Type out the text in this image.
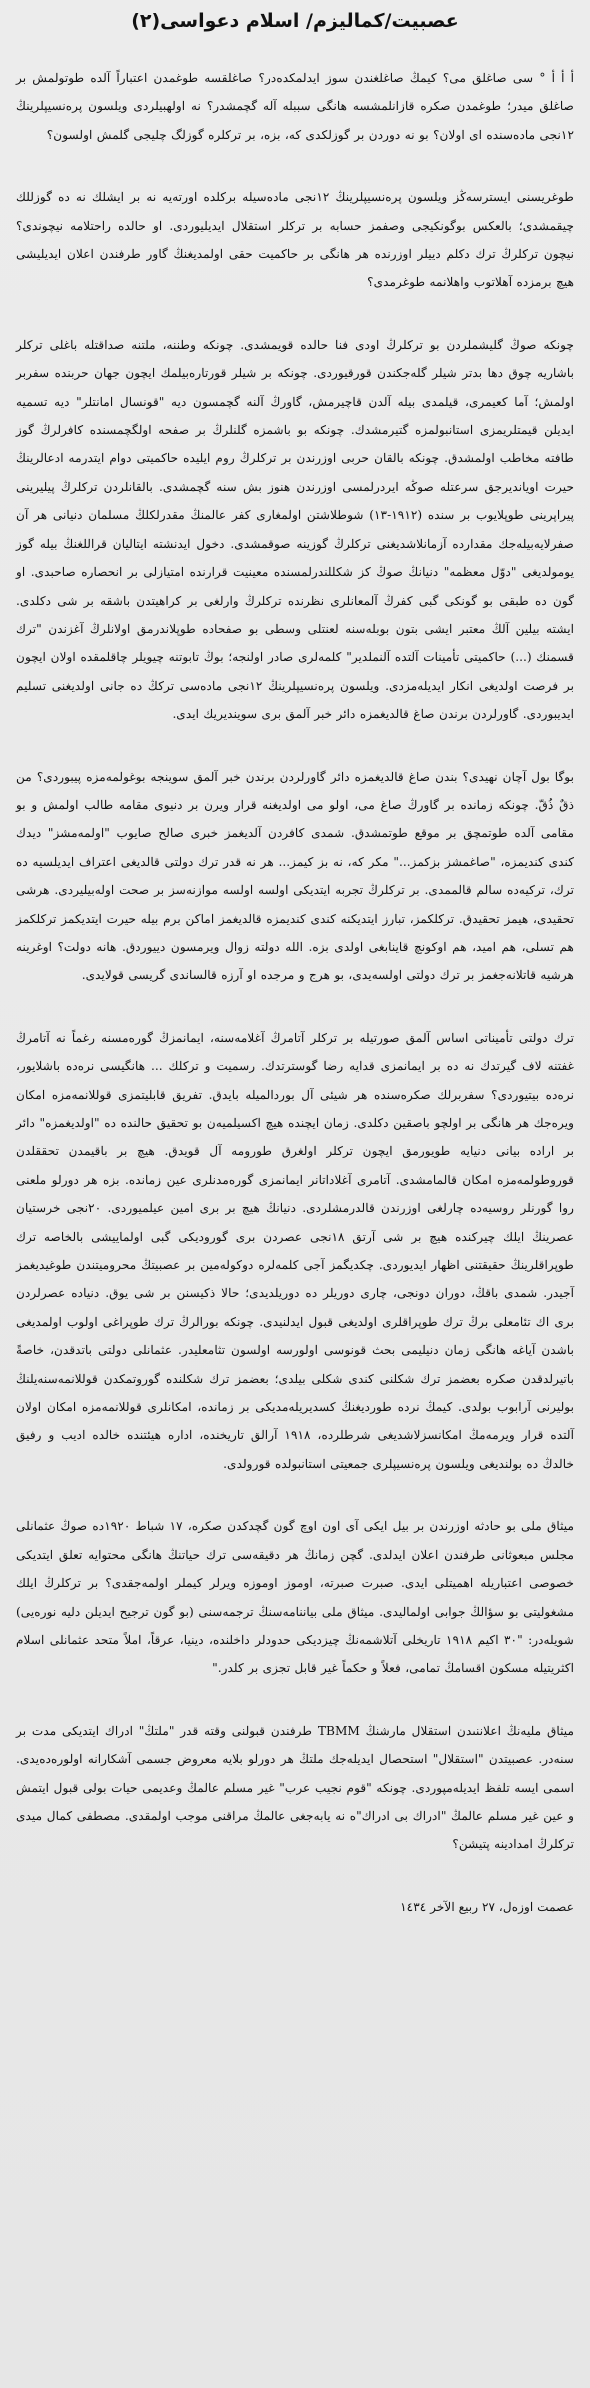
عصبيت/كماليزم/ اسلام دعواسى(٢)

أ أ أ ° سى صاغلق مى؟ كيمڭ صاغلغندن سوز ايدلمكده‌در؟ صاغلقسه طوغمدن اعتباراً آلده طوتولمش بر صاغلق ميدر؛ طوغمدن صكره قازانلمشسه هانگى سببله آله گچمشدر؟ نه اولهبيلردى ويلسون پرەنسيپلرينڭ ١٢نجى ماده‌سنده اى اولان؟ بو نه دوردن بر گوزلكدى كه، بزه، بر تركلره گوزلگ چليجى گلمش اولسون؟

طوغريسنى ايسترسه‌ڭز ويلسون پرەنسيپلرينڭ ١٢نجى ماده‌سيله بركلده اورتەيه نه بر ايشلك نه ده گوزللك چيقمشدى؛ بالعكس بوگونكيجى وصفمز حسابه بر تركلر استقلال ايديليوردى. او حالده راحتلامه نيچوندى؟ نيچون تركلرڭ ترك دكلم دييلر اوزرنده هر هانگى بر حاكميت حقى اولمديغنڭ گاور طرفندن اعلان ايديلیشى هيچ برمزده آهلاتوب واهلانمه طوغرمدى؟

چونكه صوڭ گليشملردن بو تركلرڭ اودى فنا حالده قويمشدى. چونكه وطننه، ملتنه صداقتله باغلى تركلر باشاريه چوق دها بدتر شيلر گلەجكندن قورقيوردى. چونكه بر شيلر قورتارەبيلمك ايچون جهان حربنده سفربر اولمش؛ آما كعيمرى، قيلمدى بيله آلدن قاچيرمش، گاورڭ آلنه گچمسون ديه "قونسال امانتلر" ديه تسميه ايديلن قيمتلريمزى استانبولمزه گتيرمشدك. چونكه بو باشمزه گلنلرڭ بر صفحه اولگچمسنده كافرلرڭ گوز طافته مخاطب اولمشدق. چونكه بالقان حربى اوزرندن بر تركلرڭ روم ايليده حاكميتى دوام ايتدرمه ادعالرينڭ حيرت اويانديرجق سرعتله صوڭه ايردرلمسى اوزرندن هنوز بش سنه گچمشدى. بالقانلردن تركلرڭ پيليرينى پيراپرينى طوپلايوب بر سنده (١٩١٢-١٣) شوطلاشتن اولمغارى كفر عالمنڭ مقدرلكلڭ مسلمان دنيانى هر آن صفرلايەبيلەجك مقدارده آزمانلاشديغنى تركلرڭ گوزينه صوقمشدى. دخول ايدنشته ايتاليان قراللغنڭ بيله گوز يومولديغى "دوّل معظمه" دنيانڭ صوڭ كز شكللندرلمسنده معينيت قرارنده امتيازلى بر انحصاره صاحبدى. او گون ده طبقى بو گونكى گبى كفرڭ آلمعانلرى نظرنده تركلرڭ وارلغى بر كراهيتدن باشقه بر شى دكلدى. ايشته بيلين آلڭ معتبر ايشى بتون بوبلەسنه لعنتلى وسطى بو صفحاده طوپلاندرمق اولانلرڭ آغزندن "ترك قسمنك (...) حاكميتى تأمينات آلتده آلنملدير" كلمه‌لرى صادر اولنجه؛ بوڭ تابوتنه چيويلر چاقلمقده اولان ايچون بر فرصت اولديغى انكار ايديله‌مزدى. ويلسون پرەنسيپلرينڭ ١٢نجى ماده‌سى تركڭ ده جانى اولديغنى تسليم ايديبوردى. گاورلردن برندن صاغ قالديغمزه دائر خبر آلمق برى سوينديريك ايدى.

بوگا بول آچان نهيدى؟ بندن صاغ قالديغمزه دائر گاورلردن برندن خبر آلمق سوينجه بوغولمەمزه پيبوردى؟ من ذقٌ ذُقّ. چونكه زمانده بر گاورڭ صاغ مى، اولو مى اولديغنه قرار ويرن بر دنيوى مقامه طالب اولمش و بو مقامى آلده طوتمچق بر موقع طوتمشدق. شمدى كافردن آلديغمز خبرى صالح صايوب "اولمەمشز" ديدك كندى كنديمزه، "صاغمشز بزكمز..." مكر كه، نه بز كيمز... هر نه قدر ترك دولتى قالديغى اعتراف ايديلسيه ده ترك، تركيه‌ده سالم قالممدى. بر تركلرڭ تجربه ايتديكى اولسه اولسه موازنه‌سز بر صحت اولەبيليردى. هرشى تحقيدى، هيمز تحقيدق. تركلكمز، تبارز ايتديكنه كندى كنديمزه قالديغمز اماكن برم بيله حيرت ايتديكمز تركلكمز هم تسلى، هم اميد، هم اوكونچ قاينابغى اولدى بزه. الله دولته زوال ويرمسون دييوردق. هانه دولت؟ اوغرينه هرشيه قاتلانەجغمز بر ترك دولتى اولسەيدى، بو هرج و مرجده او آرزه قالساندى گريسى قولايدى.

ترك دولتى تأميناتى اساس آلمق صورتيله بر تركلر آتامرڭ آغلامەسنه، ايمانمزڭ گورەمسنه رغماً نه آتامرڭ غفتنه لاف گيرتدك نه ده بر ايمانمزى قدايه رضا گوسترتدك. رسميت و تركلك ... هانگيسى نرەده باشلايور، نرەده بيتيوردى؟ سفربرلك صكره‌سنده هر شيئى آل بوردالميله بايدق. تفريق قابليتمزى قوللانمەمزه امكان ويرەجك هر هانگى بر اولچو باصقين دكلدى. زمان ايچنده هيچ اكسيلميەن بو تحقيق حالنده ده "اولديغمزه" دائر بر اراده بيانى دنيايه طويورمق ايچون تركلر اولغرق طورومه آل قويدق. هيچ بر باقيمدن تحققلدن قوروطولمەمزه امكان قالمامشدى. آتامرى آغلاداتانر ايمانمزى گورەمدنلرى عين زمانده. بزه هر دورلو ملعنى روا گورنلر روسيه‌ده چارلغى اوزرندن قالدرمشلردى. دنيانڭ هيچ بر برى امين عيلميوردى. ٢٠نجى خرستيان عصرينڭ ايلك چيركنده هيچ بر شى آرتق ١٨نجى عصردن برى گوروديكى گبى اولماييشى بالخاصه ترك طوپراقلرينڭ حقيقتنى اظهار ايديوردى. چكديگمز آجى كلمه‌لره دوكوله‌مين بر عصبيتڭ محروميتندن طوغيديغمز آجيدر. شمدى باقڭ، دوران دونجى، چارى دوريلر ده دوريلديدى؛ حالا ذكيسنن بر شى يوق. دنياده عصرلردن برى اك تئامعلى برڭ ترك طوپراقلرى اولديغى قبول ايدلنيدى. چونكه بورالرڭ ترك طوپراغى اولوب اولمديغى باشدن آياغه هانگى زمان دنيليمى بحث قونوسى اولورسه اولسون تثامعليدر. عثمانلى دولتى باتدقدن، خاصةً باتيرلدقدن صكره بعضمز ترك شكلنى كندى شكلى بيلدى؛ بعضمز ترك شكلنده گوروتمكدن قوللانمەسنه‌يلنڭ بوليرنى آرابوب بولدى. كيمڭ نرده طورديغنڭ كسديريلەمديكى بر زمانده، امكانلرى قوللانمەمزه امكان اولان آلتده قرار ويرمه‌مڭ امكانسزلاشديغى شرطلرده، ١٩١٨ آرالق تاريخنده، اداره هيئتنده خالده اديب و رفيق خالدڭ ده بولنديغى ويلسون پرەنسيپلرى جمعيتى استانبولده قورولدى.

ميثاق ملى بو حادثه اوزرندن بر بيل ايكى آى اون اوچ گون گچدكدن صكره، ١٧ شباط ١٩٢٠ده صوڭ عثمانلى مجلس مبعوثانى طرفندن اعلان ايدلدى. گچن زمانڭ هر دقيقەسى ترك حياتنڭ هانگى محتوايه تعلق ايتديكى خصوصى اعتباريله اهميتلى ايدى. صبرت صبرته، اوموز اوموزه ويرلر كيملر اولمەجقدى؟ بر تركلرڭ ايلك مشغوليتى بو سؤالڭ جوابى اولمالیدى. ميثاق ملى بياننامەسنڭ ترجمه‌سنى (بو گون ترجيح ايديلن دليه نورەيى) شويلەدر: "٣٠ اكيم ١٩١٨ تاريخلى آتلاشمه‌نڭ چيزديكى حدودلر داخلنده، دينيا، عرقاً، املاً متحد عثمانلى اسلام اكثريتيله مسكون اقسامڭ تمامى، فعلاً و حكماً غير قابل تجزى بر كلدر."

ميثاق مليەنڭ اعلاننىدن استقلال مارشنڭ TBMM طرفندن قبولنى وقته قدر "ملتڭ" ادراك ايتديكى مدت بر سنەدر. عصبيتدن "استقلال" استحصال ايديلەجك ملتڭ هر دورلو بلايه معروض جسمى آشكارانه اولورەدەيدى. اسمى ايسه تلفظ ايديلەمپوردى. چونكه "قوم نجيب عرب" غير مسلم عالمڭ وعديمى حيات بولى قبول ايتمش و عين غير مسلم عالمڭ "ادراك بى ادراك"ه نه يابەجغى عالمڭ مراقنى موجب اولمقدى. مصطفى كمال ميدى تركلرڭ امدادينه پتيشن؟

عصمت اوزەل، ٢٧ ربيع الآخر ١٤٣٤
